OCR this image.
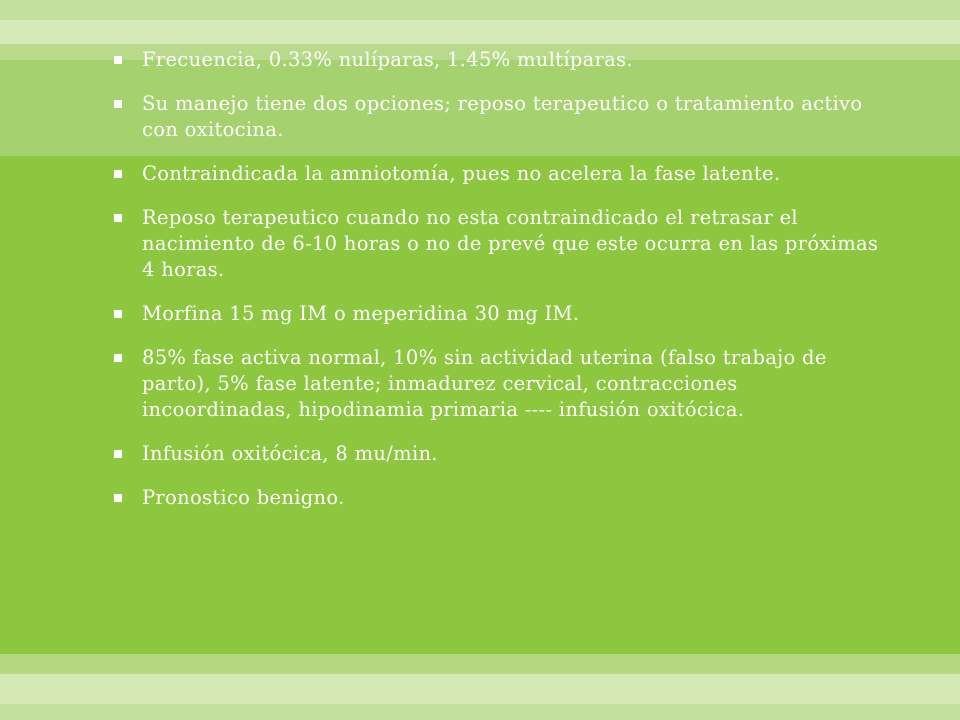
Frecuencia, 0.33% nulíparas, 1.45% multíparas.
Su manejo tiene dos opciones; reposo terapeutico o tratamiento activo con oxitocina.
Contraindicada la amniotomía, pues no acelera la fase latente.
Reposo terapeutico cuando no esta contraindicado el retrasar el nacimiento de 6-10 horas o no de prevé que este ocurra en las próximas 4 horas.
Morfina 15 mg IM o meperidina 30 mg IM.
85% fase activa normal, 10% sin actividad uterina (falso trabajo de parto), 5% fase latente; inmadurez cervical, contracciones incoordinadas, hipodinamia primaria ---- infusión oxitócica.
Infusión oxitócica, 8 mu/min.
Pronostico benigno.
